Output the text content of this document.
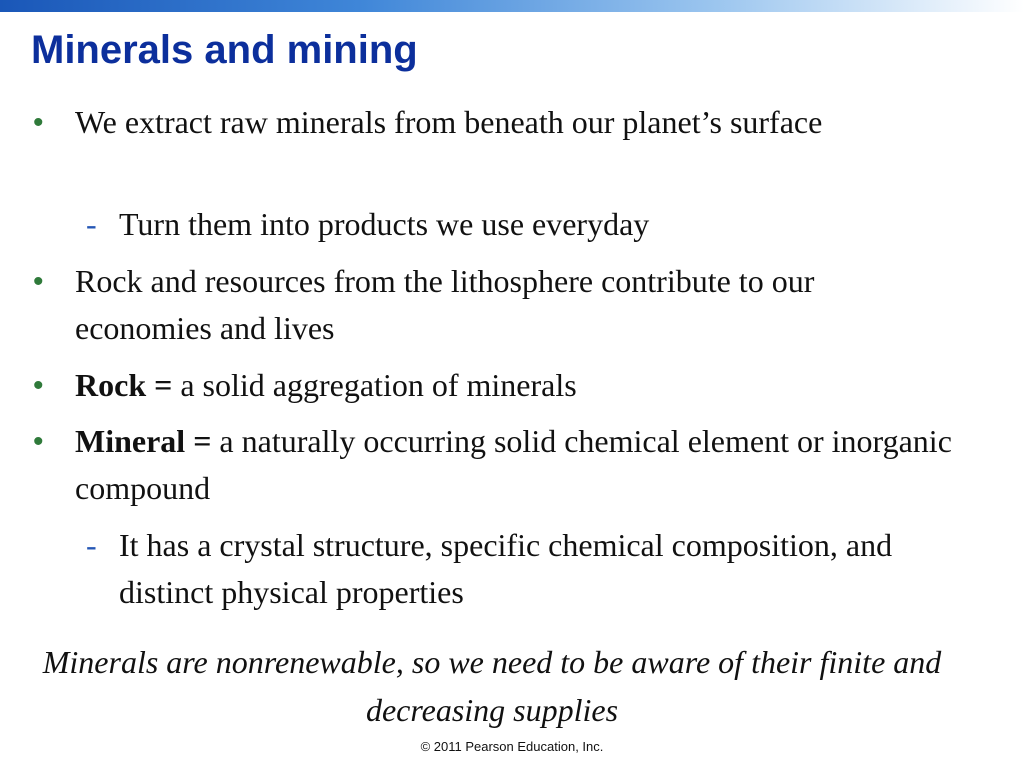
Minerals and mining
• We extract raw minerals from beneath our planet’s surface
- Turn them into products we use everyday
• Rock and resources from the lithosphere contribute to our economies and lives
• Rock = a solid aggregation of minerals
• Mineral = a naturally occurring solid chemical element or inorganic compound
- It has a crystal structure, specific chemical composition, and distinct physical properties
Minerals are nonrenewable, so we need to be aware of their finite and decreasing supplies
© 2011 Pearson Education, Inc.
